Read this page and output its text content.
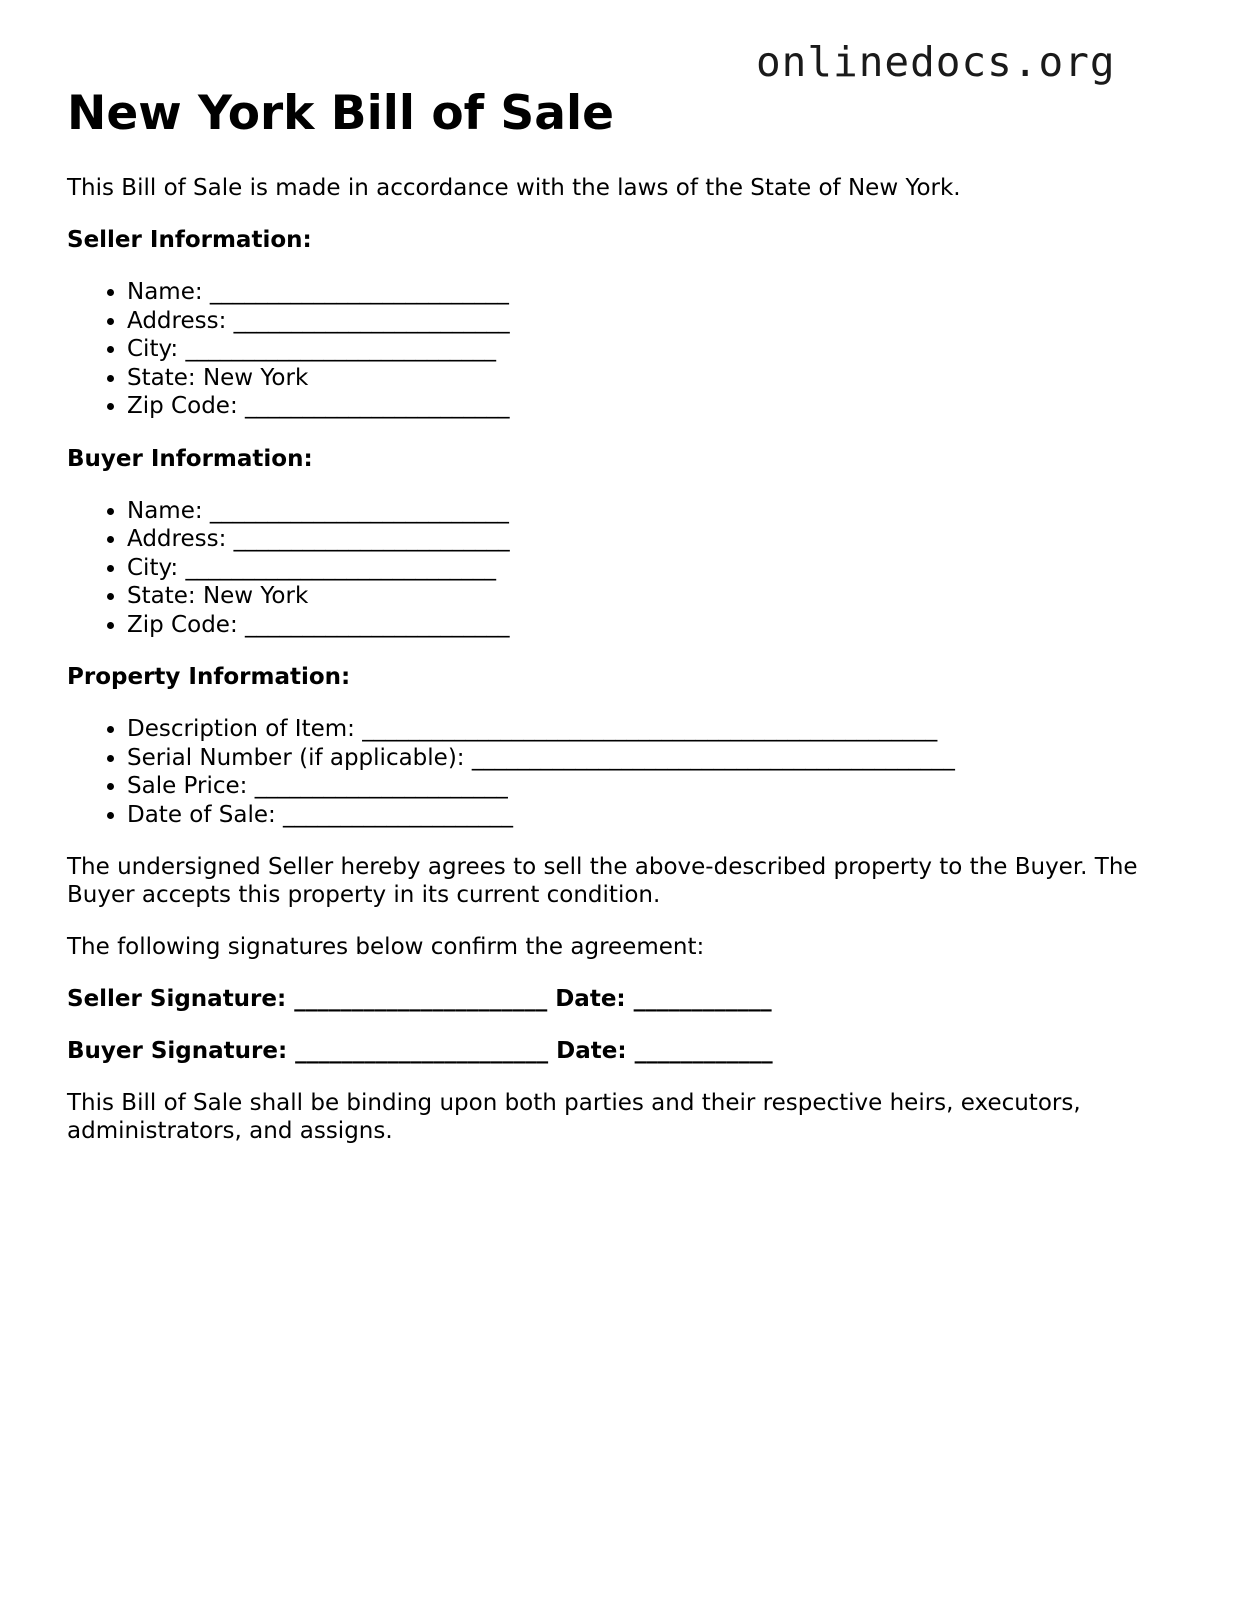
onlinedocs.org
New York Bill of Sale

This Bill of Sale is made in accordance with the laws of the State of New York.

Seller Information:

• Name: __________________________
• Address: ________________________
• City: ___________________________
• State: New York
• Zip Code: _______________________

Buyer Information:

• Name: __________________________
• Address: ________________________
• City: ___________________________
• State: New York
• Zip Code: _______________________

Property Information:

• Description of Item: __________________________________________________
• Serial Number (if applicable): __________________________________________
• Sale Price: ______________________
• Date of Sale: ____________________

The undersigned Seller hereby agrees to sell the above-described property to the Buyer. The Buyer accepts this property in its current condition.

The following signatures below confirm the agreement:

Seller Signature: ______________________ Date: ____________

Buyer Signature: ______________________ Date: ____________

This Bill of Sale shall be binding upon both parties and their respective heirs, executors, administrators, and assigns.
